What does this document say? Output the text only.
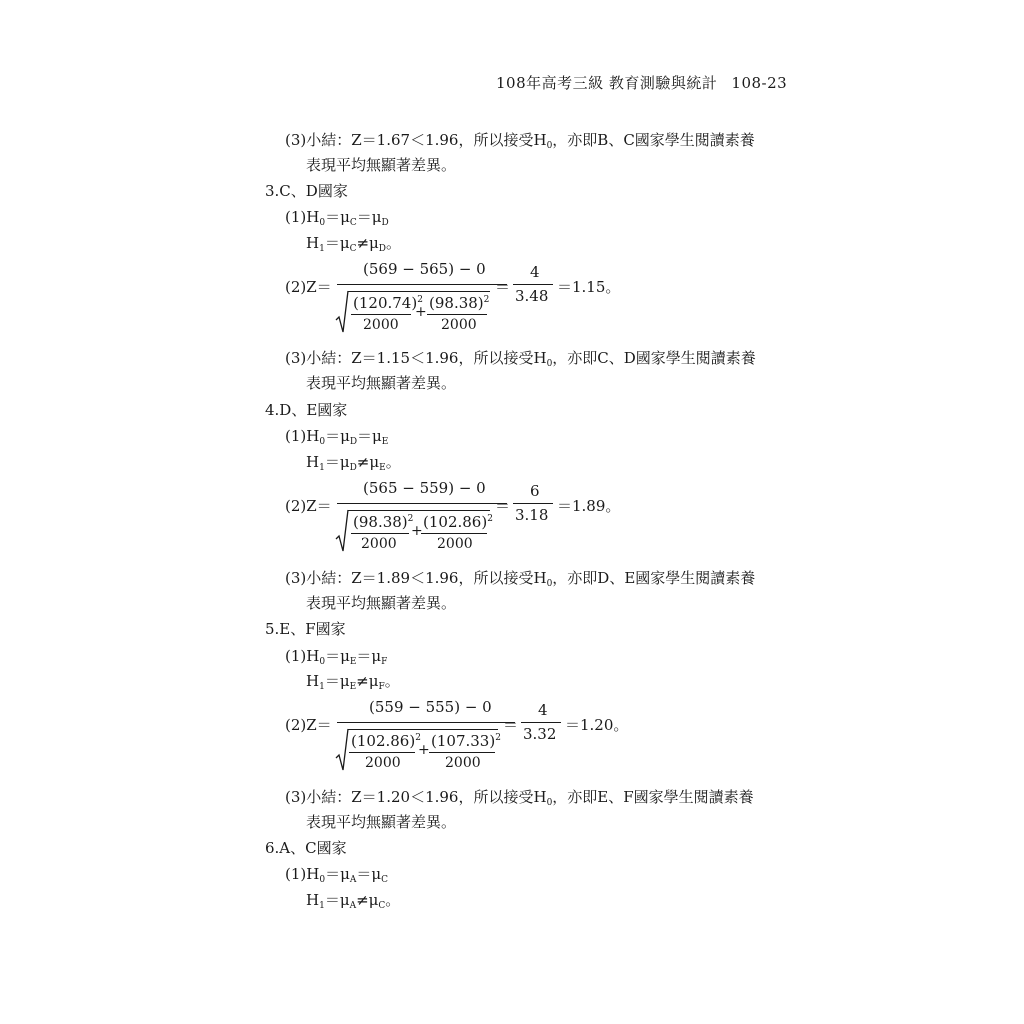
108年高考三級 教育測驗與統計 108-23
(3)小結：Z＝1.67＜1.96，所以接受$H_0$，亦即B、C國家學生閱讀素養
表現平均無顯著差異。
3.C、D國家
$(1)H_0=\mu_C=\mu_D$
$H_1=\mu_C\ne\mu_D$。
(2)Z＝
(569 − 565) − 0
$(120.74)^2$
2000
+ $(98.38)^2$
2000
＝
4
3.48 ＝1.15。
(3)小結：Z＝1.15＜1.96，所以接受$H_0$，亦即C、D國家學生閱讀素養
表現平均無顯著差異。
4.D、E國家
$(1)H_0=\mu_D=\mu_E$
$H_1=\mu_D\ne\mu_E$。
(2)Z＝
(565 − 559) − 0
$(98.38)^2$
2000
+ $(102.86)^2$
2000
＝
6
3.18 ＝1.89。
(3)小結：Z＝1.89＜1.96，所以接受$H_0$，亦即D、E國家學生閱讀素養
表現平均無顯著差異。
5.E、F國家
$(1)H_0=\mu_E=\mu_F$
$H_1=\mu_E\ne\mu_F$。
(2)Z＝
(559 − 555) − 0
$(102.86)^2$
2000
+ $(107.33)^2$
2000
＝
4
3.32 ＝1.20。
(3)小結：Z＝1.20＜1.96，所以接受$H_0$，亦即E、F國家學生閱讀素養
表現平均無顯著差異。
6.A、C國家
$(1)H_0=\mu_A=\mu_C$
$H_1=\mu_A\ne\mu_C$。
